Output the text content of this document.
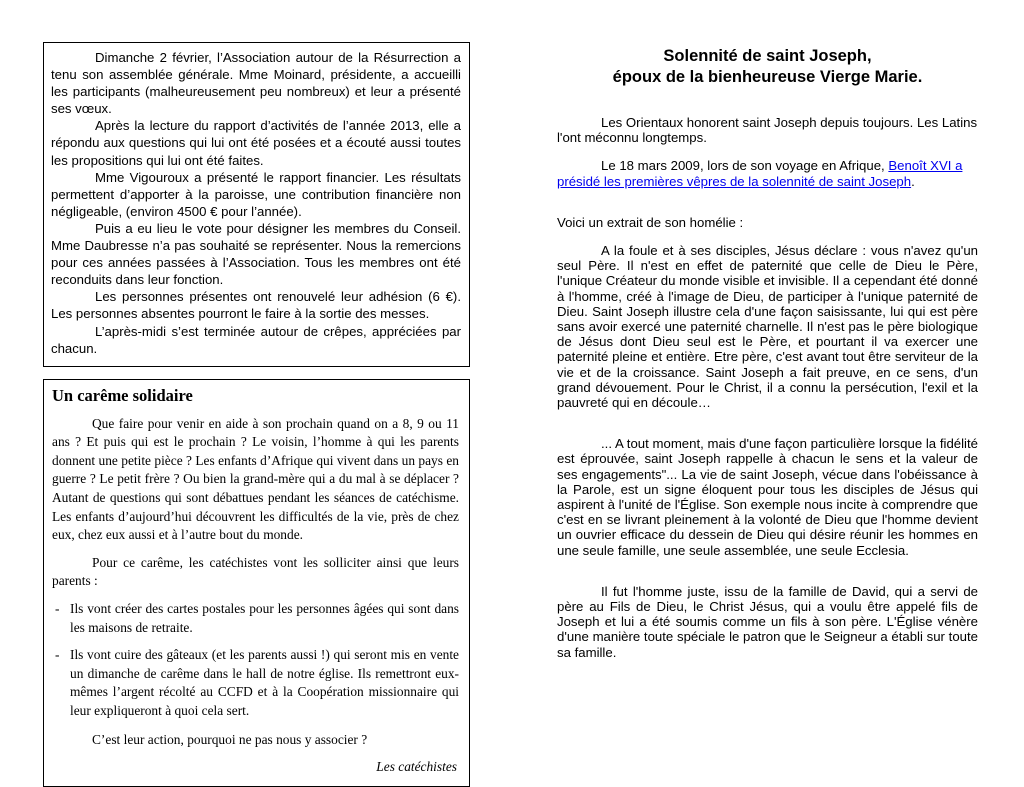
Dimanche 2 février, l’Association autour de la Résurrection a tenu son assemblée générale. Mme Moinard, présidente, a accueilli les participants (malheureusement peu nombreux) et leur a présenté ses vœux.

Après la lecture du rapport d’activités de l’année 2013, elle a répondu aux questions qui lui ont été posées et a écouté aussi toutes les propositions qui lui ont été faites.

Mme Vigouroux a présenté le rapport financier. Les résultats permettent d’apporter à la paroisse, une contribution financière non négligeable, (environ 4500 € pour l’année).

Puis a eu lieu le vote pour désigner les membres du Conseil. Mme Daubresse n’a pas souhaité se représenter. Nous la remercions pour ces années passées à l’Association. Tous les membres ont été reconduits dans leur fonction.

Les personnes présentes ont renouvelé leur adhésion (6 €). Les personnes absentes pourront le faire à la sortie des messes.

L’après-midi s’est terminée autour de crêpes, appréciées par chacun.

Un carême solidaire

Que faire pour venir en aide à son prochain quand on a 8, 9 ou 11 ans ? Et puis qui est le prochain ? Le voisin, l’homme à qui les parents donnent une petite pièce ? Les enfants d’Afrique qui vivent dans un pays en guerre ? Le petit frère ? Ou bien la grand-mère qui a du mal à se déplacer ? Autant de questions qui sont débattues pendant les séances de catéchisme. Les enfants d’aujourd’hui découvrent les difficultés de la vie, près de chez eux, chez eux aussi et à l’autre bout du monde.

Pour ce carême, les catéchistes vont les solliciter ainsi que leurs parents :

- Ils vont créer des cartes postales pour les personnes âgées qui sont dans les maisons de retraite.

- Ils vont cuire des gâteaux (et les parents aussi !) qui seront mis en vente un dimanche de carême dans le hall de notre église. Ils remettront eux-mêmes l’argent récolté au CCFD et à la Coopération missionnaire qui leur expliqueront à quoi cela sert.

C’est leur action, pourquoi ne pas nous y associer ?

Les catéchistes

Solennité de saint Joseph,
époux de la bienheureuse Vierge Marie.

Les Orientaux honorent saint Joseph depuis toujours. Les Latins l'ont méconnu longtemps.

Le 18 mars 2009, lors de son voyage en Afrique, Benoît XVI a présidé les premières vêpres de la solennité de saint Joseph.

Voici un extrait de son homélie :

A la foule et à ses disciples, Jésus déclare : vous n'avez qu'un seul Père. Il n'est en effet de paternité que celle de Dieu le Père, l'unique Créateur du monde visible et invisible. Il a cependant été donné à l'homme, créé à l'image de Dieu, de participer à l'unique paternité de Dieu. Saint Joseph illustre cela d'une façon saisissante, lui qui est père sans avoir exercé une paternité charnelle. Il n'est pas le père biologique de Jésus dont Dieu seul est le Père, et pourtant il va exercer une paternité pleine et entière. Etre père, c'est avant tout être serviteur de la vie et de la croissance. Saint Joseph a fait preuve, en ce sens, d'un grand dévouement. Pour le Christ, il a connu la persécution, l'exil et la pauvreté qui en découle…

... A tout moment, mais d'une façon particulière lorsque la fidélité est éprouvée, saint Joseph rappelle à chacun le sens et la valeur de ses engagements"... La vie de saint Joseph, vécue dans l'obéissance à la Parole, est un signe éloquent pour tous les disciples de Jésus qui aspirent à l'unité de l'Église. Son exemple nous incite à comprendre que c'est en se livrant pleinement à la volonté de Dieu que l'homme devient un ouvrier efficace du dessein de Dieu qui désire réunir les hommes en une seule famille, une seule assemblée, une seule Ecclesia.

Il fut l'homme juste, issu de la famille de David, qui a servi de père au Fils de Dieu, le Christ Jésus, qui a voulu être appelé fils de Joseph et lui a été soumis comme un fils à son père. L'Église vénère d'une manière toute spéciale le patron que le Seigneur a établi sur toute sa famille.
